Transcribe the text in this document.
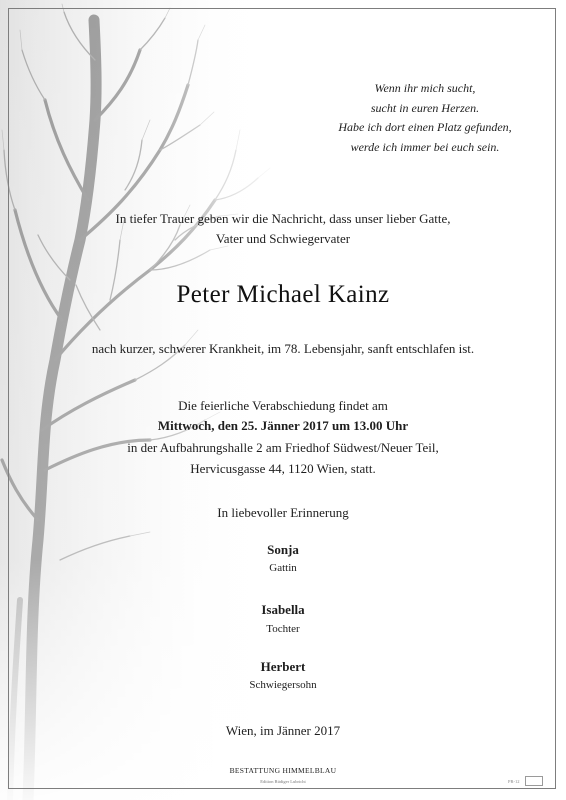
Wenn ihr mich sucht,
sucht in euren Herzen.
Habe ich dort einen Platz gefunden,
werde ich immer bei euch sein.
In tiefer Trauer geben wir die Nachricht, dass unser lieber Gatte,
Vater und Schwiegervater
Peter Michael Kainz
nach kurzer, schwerer Krankheit, im 78. Lebensjahr, sanft entschlafen ist.
Die feierliche Verabschiedung findet am
Mittwoch, den 25. Jänner 2017 um 13.00 Uhr
in der Aufbahrungshalle 2 am Friedhof Südwest/Neuer Teil,
Hervicusgasse 44, 1120 Wien, statt.
In liebevoller Erinnerung
Sonja
Gattin
Isabella
Tochter
Herbert
Schwiegersohn
Wien, im Jänner 2017
BESTATTUNG HIMMELBLAU
Edition Rüdiger Lubricht	PR-12
